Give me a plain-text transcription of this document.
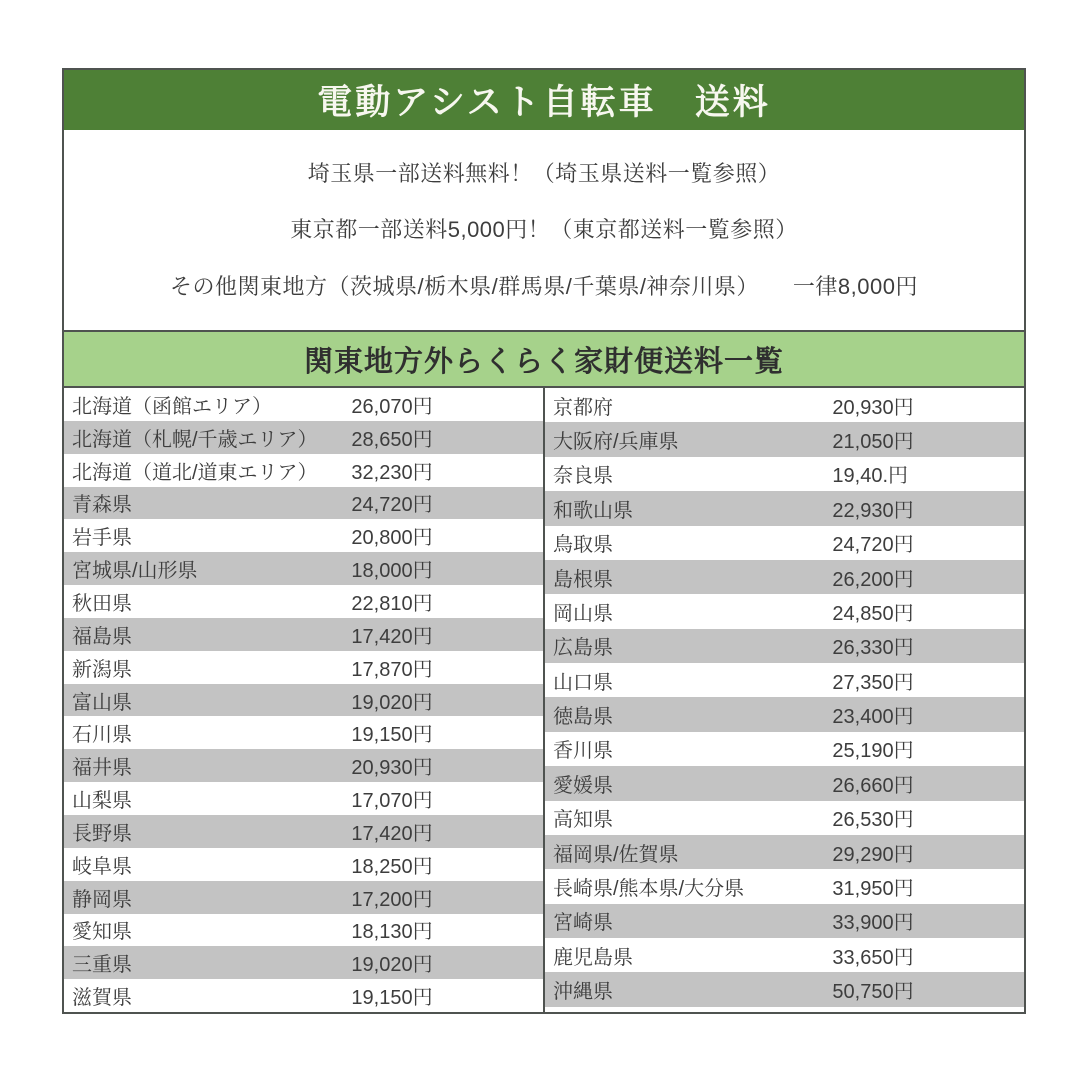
電動アシスト自転車　送料
埼玉県一部送料無料！（埼玉県送料一覧参照）
東京都一部送料5,000円！（東京都送料一覧参照）
その他関東地方（茨城県/栃木県/群馬県/千葉県/神奈川県）　　一律8,000円
関東地方外らくらく家財便送料一覧
北海道（函館エリア）	26,070円
北海道（札幌/千歳エリア）	28,650円
北海道（道北/道東エリア）	32,230円
青森県	24,720円
岩手県	20,800円
宮城県/山形県	18,000円
秋田県	22,810円
福島県	17,420円
新潟県	17,870円
富山県	19,020円
石川県	19,150円
福井県	20,930円
山梨県	17,070円
長野県	17,420円
岐阜県	18,250円
静岡県	17,200円
愛知県	18,130円
三重県	19,020円
滋賀県	19,150円
京都府	20,930円
大阪府/兵庫県	21,050円
奈良県	19,40.円
和歌山県	22,930円
鳥取県	24,720円
島根県	26,200円
岡山県	24,850円
広島県	26,330円
山口県	27,350円
徳島県	23,400円
香川県	25,190円
愛媛県	26,660円
高知県	26,530円
福岡県/佐賀県	29,290円
長崎県/熊本県/大分県	31,950円
宮崎県	33,900円
鹿児島県	33,650円
沖縄県	50,750円
